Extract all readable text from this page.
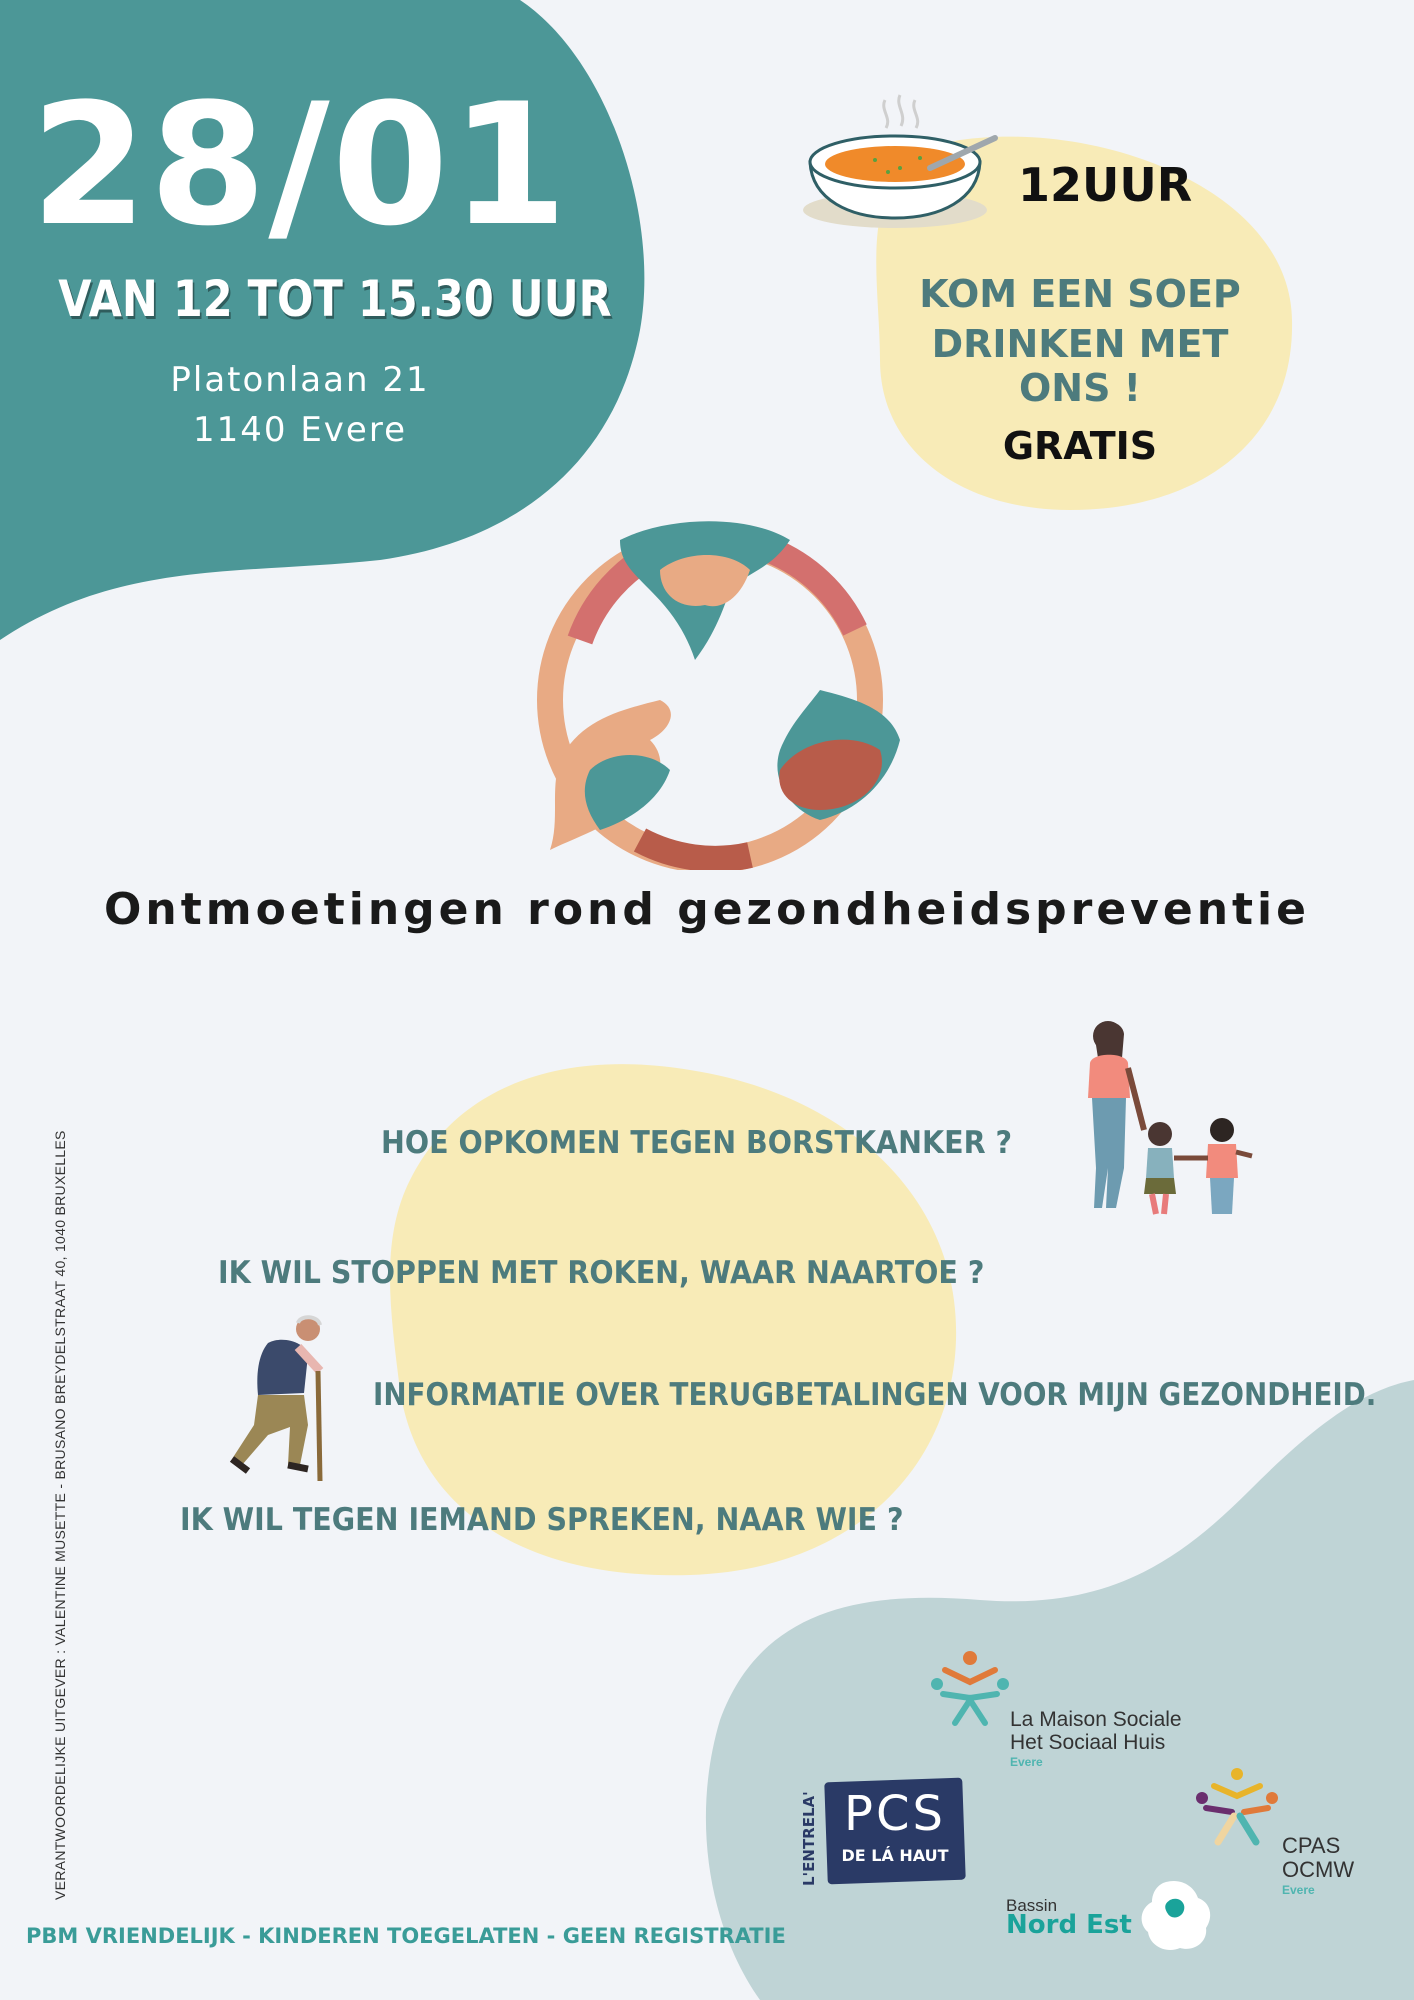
28/01
VAN 12 TOT 15.30 UUR
Platonlaan 21
1140 Evere
12UUR
KOM EEN SOEP
DRINKEN MET ONS !
GRATIS
Ontmoetingen rond gezondheidspreventie
HOE OPKOMEN TEGEN BORSTKANKER ?
IK WIL STOPPEN MET ROKEN, WAAR NAARTOE ?
INFORMATIE OVER TERUGBETALINGEN VOOR MIJN GEZONDHEID.
IK WIL TEGEN IEMAND SPREKEN, NAAR WIE ?
VERANTWOORDELIJKE UITGEVER : VALENTINE MUSETTE - BRUSANO BREYDELSTRAAT 40, 1040 BRUXELLES
PBM VRIENDELIJK - KINDEREN TOEGELATEN - GEEN REGISTRATIE
La Maison Sociale
Het Sociaal Huis
Evere
PCS
DE LÁ HAUT
L'ENTRELA'	CPAS
OCMW
Evere
Bassin
Nord Est
